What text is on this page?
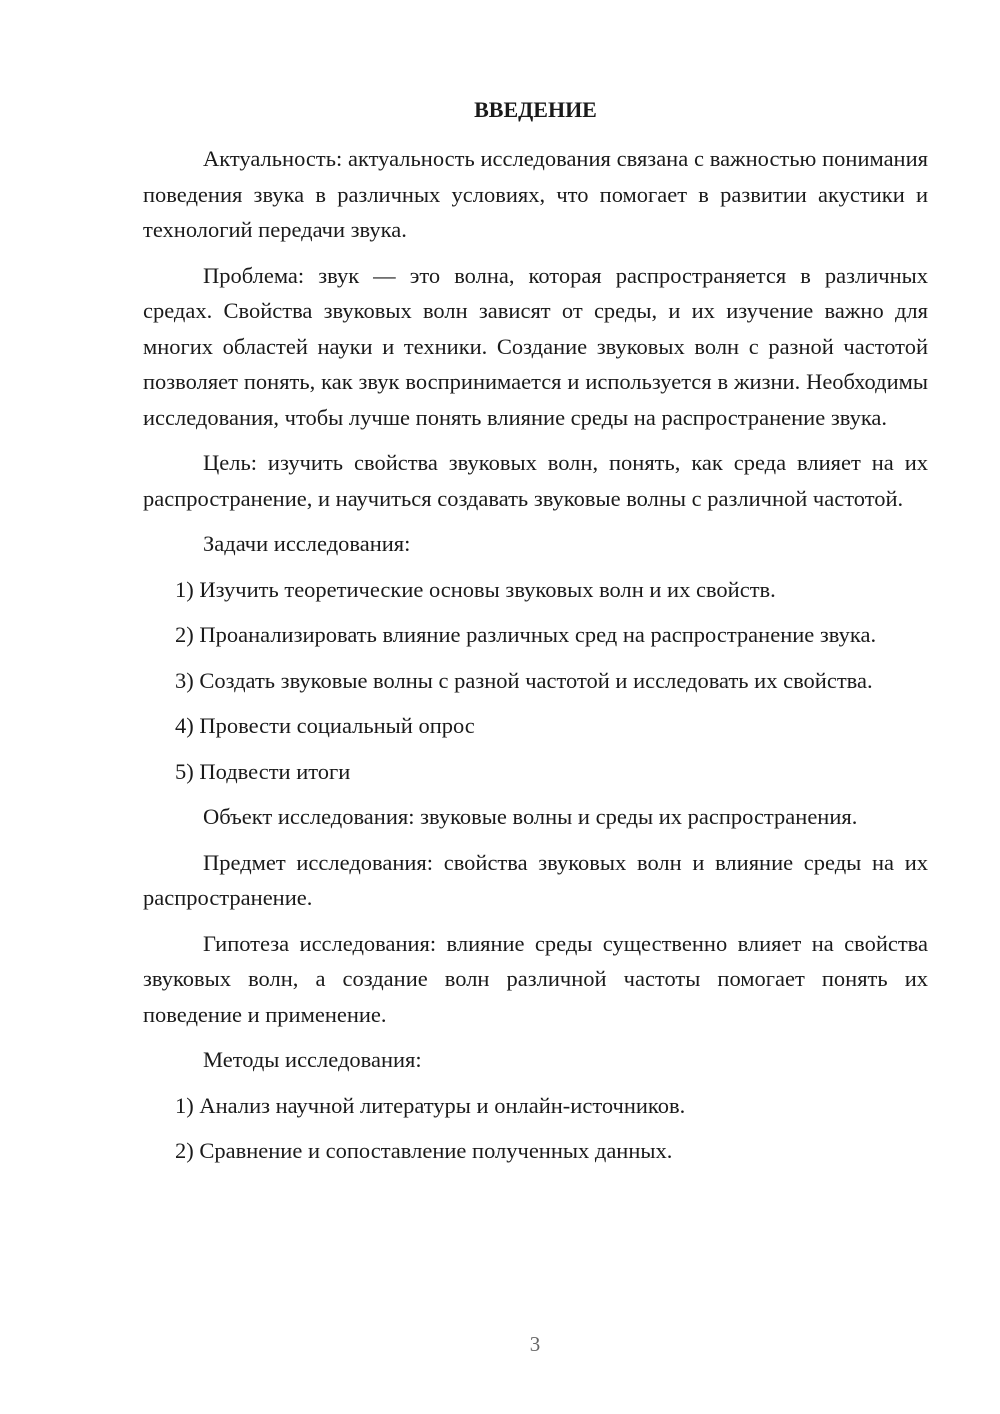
ВВЕДЕНИЕ

Актуальность: актуальность исследования связана с важностью понимания поведения звука в различных условиях, что помогает в развитии акустики и технологий передачи звука.

Проблема: звук — это волна, которая распространяется в различных средах. Свойства звуковых волн зависят от среды, и их изучение важно для многих областей науки и техники. Создание звуковых волн с разной частотой позволяет понять, как звук воспринимается и используется в жизни. Необходимы исследования, чтобы лучше понять влияние среды на распространение звука.

Цель: изучить свойства звуковых волн, понять, как среда влияет на их распространение, и научиться создавать звуковые волны с различной частотой.

Задачи исследования:

1) Изучить теоретические основы звуковых волн и их свойств.

2) Проанализировать влияние различных сред на распространение звука.

3) Создать звуковые волны с разной частотой и исследовать их свойства.

4) Провести социальный опрос

5) Подвести итоги

Объект исследования: звуковые волны и среды их распространения.

Предмет исследования: свойства звуковых волн и влияние среды на их распространение.

Гипотеза исследования: влияние среды существенно влияет на свойства звуковых волн, а создание волн различной частоты помогает понять их поведение и применение.

Методы исследования:

1) Анализ научной литературы и онлайн-источников.

2) Сравнение и сопоставление полученных данных.

3
